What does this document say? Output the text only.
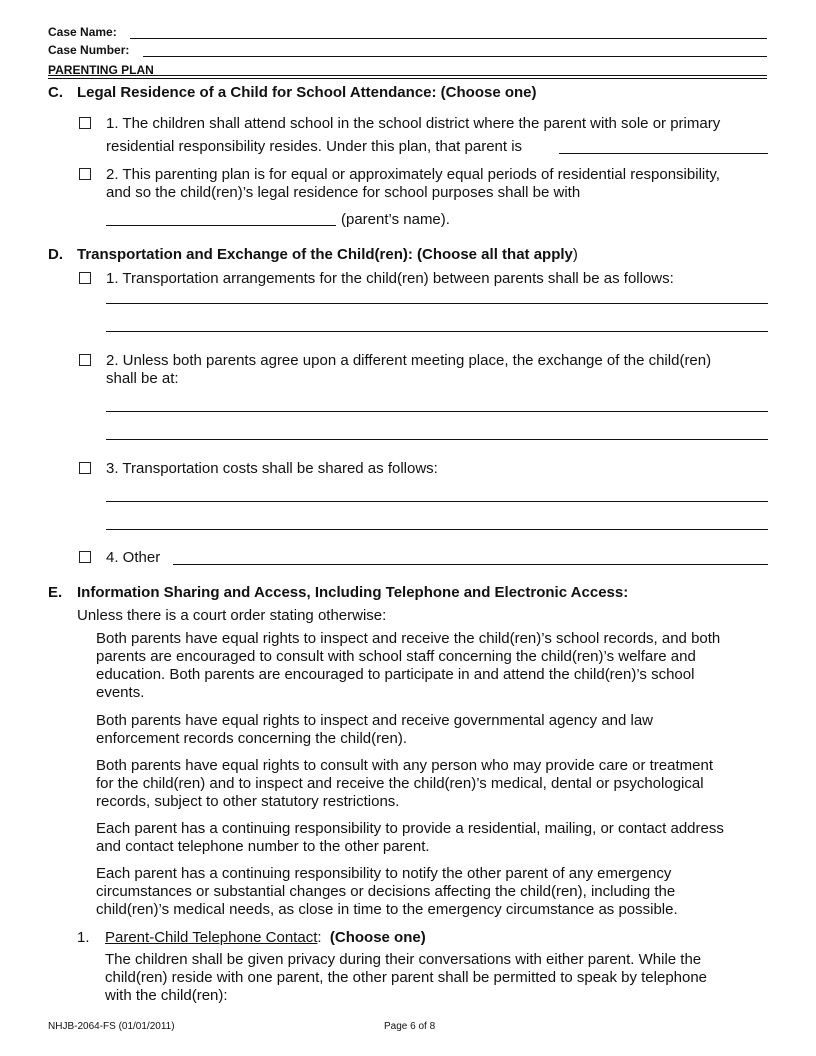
Case Name:
Case Number:
PARENTING PLAN
C. Legal Residence of a Child for School Attendance: (Choose one)
1. The children shall attend school in the school district where the parent with sole or primary
residential responsibility resides. Under this plan, that parent is
2. This parenting plan is for equal or approximately equal periods of residential responsibility,
and so the child(ren)’s legal residence for school purposes shall be with
(parent’s name).
D. Transportation and Exchange of the Child(ren): (Choose all that apply)
1. Transportation arrangements for the child(ren) between parents shall be as follows:
2. Unless both parents agree upon a different meeting place, the exchange of the child(ren)
shall be at:
3. Transportation costs shall be shared as follows:
4. Other
E. Information Sharing and Access, Including Telephone and Electronic Access:
Unless there is a court order stating otherwise:
Both parents have equal rights to inspect and receive the child(ren)’s school records, and both
parents are encouraged to consult with school staff concerning the child(ren)’s welfare and
education. Both parents are encouraged to participate in and attend the child(ren)’s school
events.
Both parents have equal rights to inspect and receive governmental agency and law
enforcement records concerning the child(ren).
Both parents have equal rights to consult with any person who may provide care or treatment
for the child(ren) and to inspect and receive the child(ren)’s medical, dental or psychological
records, subject to other statutory restrictions.
Each parent has a continuing responsibility to provide a residential, mailing, or contact address
and contact telephone number to the other parent.
Each parent has a continuing responsibility to notify the other parent of any emergency
circumstances or substantial changes or decisions affecting the child(ren), including the
child(ren)’s medical needs, as close in time to the emergency circumstance as possible.
1. Parent-Child Telephone Contact: (Choose one)
The children shall be given privacy during their conversations with either parent. While the
child(ren) reside with one parent, the other parent shall be permitted to speak by telephone
with the child(ren):
NHJB-2064-FS (01/01/2011)	Page 6 of 8
